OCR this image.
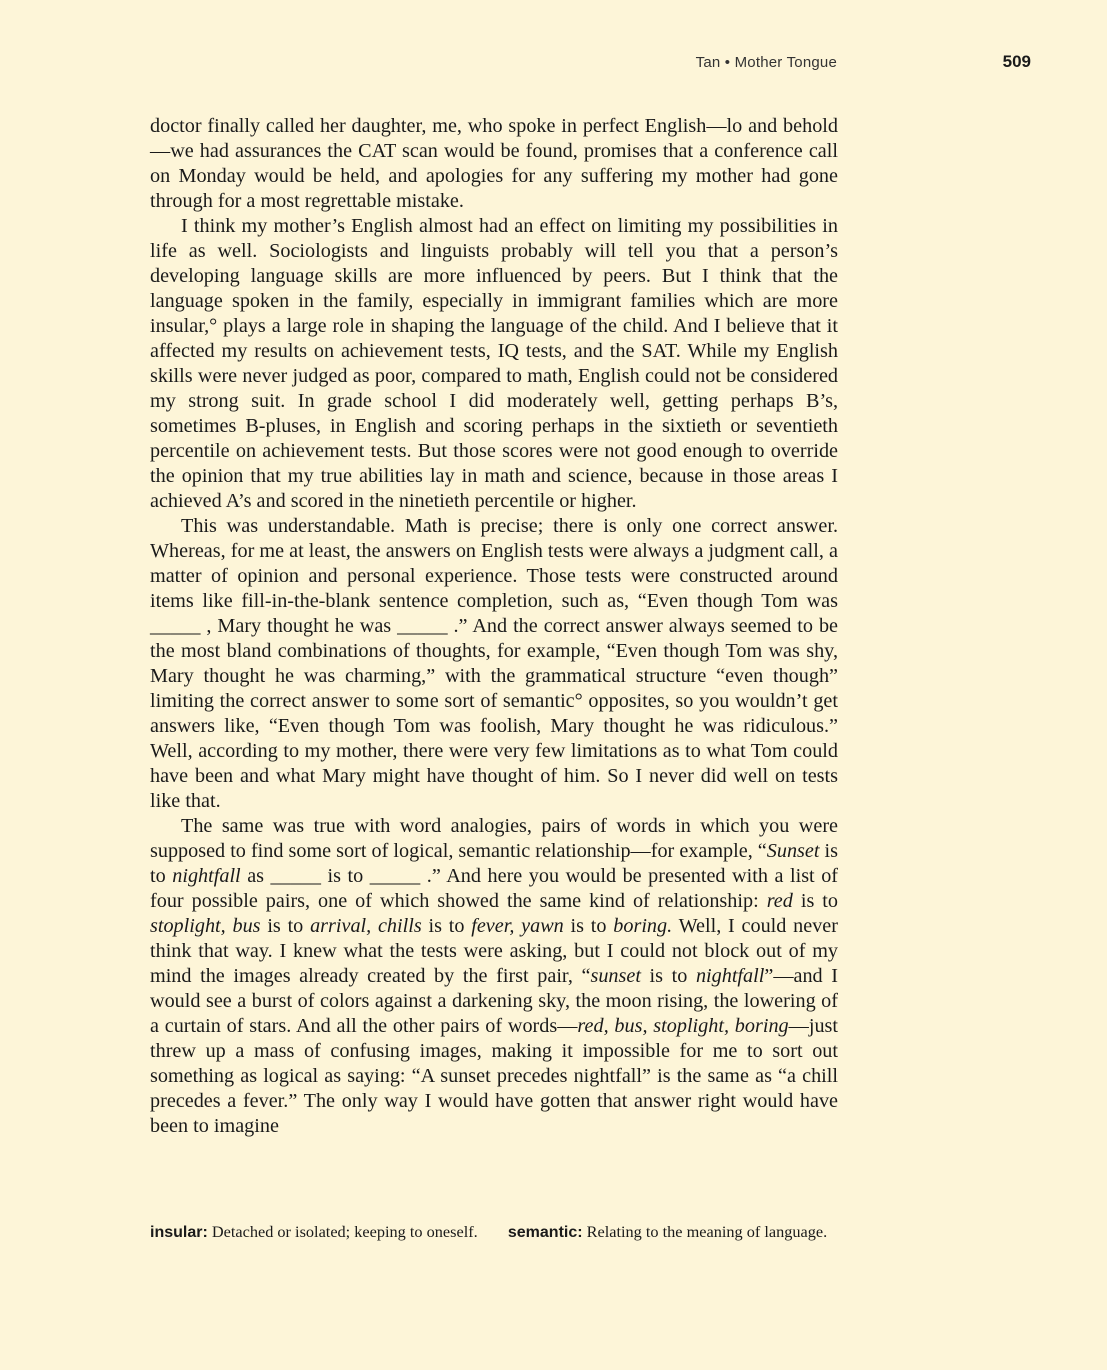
Tan • Mother Tongue	509

doctor finally called her daughter, me, who spoke in perfect English—lo and behold—we had assurances the CAT scan would be found, promises that a conference call on Monday would be held, and apologies for any suffering my mother had gone through for a most regrettable mistake.

I think my mother’s English almost had an effect on limiting my possibilities in life as well. Sociologists and linguists probably will tell you that a person’s developing language skills are more influenced by peers. But I think that the language spoken in the family, especially in immigrant families which are more insular,° plays a large role in shaping the language of the child. And I believe that it affected my results on achievement tests, IQ tests, and the SAT. While my English skills were never judged as poor, compared to math, English could not be considered my strong suit. In grade school I did moderately well, getting perhaps B’s, sometimes B-pluses, in English and scoring perhaps in the sixtieth or seventieth percentile on achievement tests. But those scores were not good enough to override the opinion that my true abilities lay in math and science, because in those areas I achieved A’s and scored in the ninetieth percentile or higher.

This was understandable. Math is precise; there is only one correct answer. Whereas, for me at least, the answers on English tests were always a judgment call, a matter of opinion and personal experience. Those tests were constructed around items like fill-in-the-blank sentence completion, such as, “Even though Tom was _____ , Mary thought he was _____ .” And the correct answer always seemed to be the most bland combinations of thoughts, for example, “Even though Tom was shy, Mary thought he was charming,” with the grammatical structure “even though” limiting the correct answer to some sort of semantic° opposites, so you wouldn’t get answers like, “Even though Tom was foolish, Mary thought he was ridiculous.” Well, according to my mother, there were very few limitations as to what Tom could have been and what Mary might have thought of him. So I never did well on tests like that.

The same was true with word analogies, pairs of words in which you were supposed to find some sort of logical, semantic relationship—for example, “Sunset is to nightfall as _____ is to _____ .” And here you would be presented with a list of four possible pairs, one of which showed the same kind of relationship: red is to stoplight, bus is to arrival, chills is to fever, yawn is to boring. Well, I could never think that way. I knew what the tests were asking, but I could not block out of my mind the images already created by the first pair, “sunset is to nightfall”—and I would see a burst of colors against a darkening sky, the moon rising, the lowering of a curtain of stars. And all the other pairs of words—red, bus, stoplight, boring—just threw up a mass of confusing images, making it impossible for me to sort out something as logical as saying: “A sunset precedes nightfall” is the same as “a chill precedes a fever.” The only way I would have gotten that answer right would have been to imagine

insular: Detached or isolated; keeping to oneself. semantic: Relating to the meaning of language.
